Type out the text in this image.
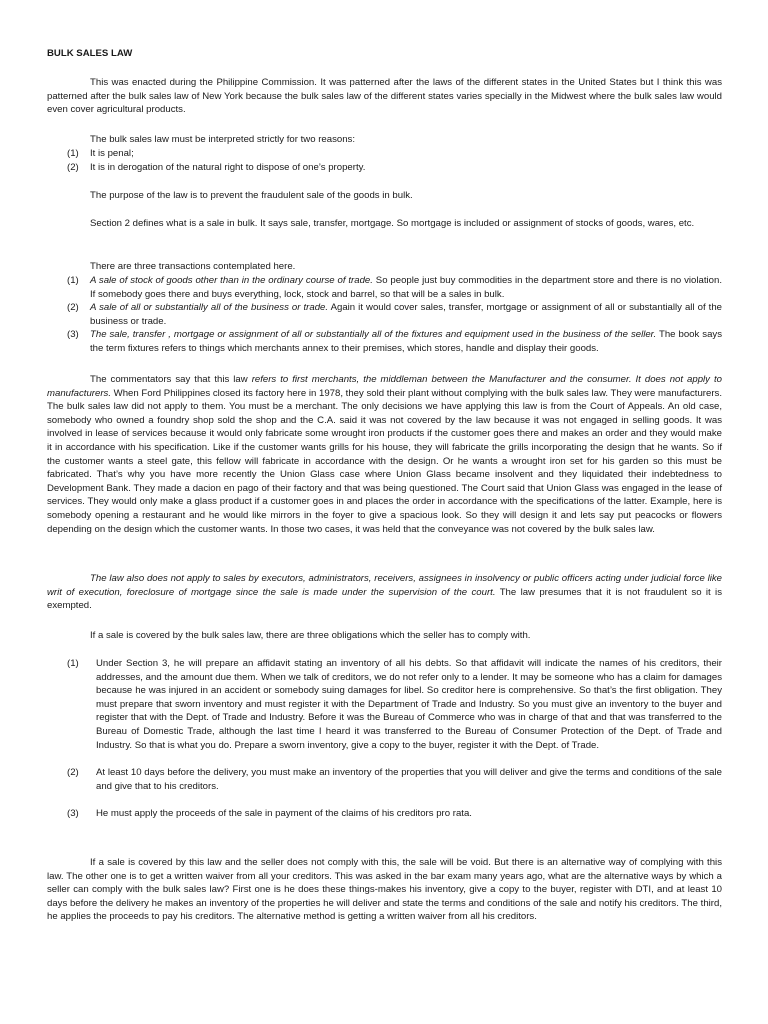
BULK SALES LAW
This was enacted during the Philippine Commission. It was patterned after the laws of the different states in the United States but I think this was patterned after the bulk sales law of New York because the bulk sales law of the different states varies specially in the Midwest where the bulk sales law would even cover agricultural products.
The bulk sales law must be interpreted strictly for two reasons:
(1)	It is penal;
(2)	It is in derogation of the natural right to dispose of one’s property.
The purpose of the law is to prevent the fraudulent sale of the goods in bulk.
Section 2 defines what is a sale in bulk. It says sale, transfer, mortgage. So mortgage is included or assignment of stocks of goods, wares, etc.
There are three transactions contemplated here.
(1)	A sale of stock of goods other than in the ordinary course of trade. So people just buy commodities in the department store and there is no violation. If somebody goes there and buys everything, lock, stock and barrel, so that will be a sales in bulk.
(2)	A sale of all or substantially all of the business or trade. Again it would cover sales, transfer, mortgage or assignment of all or substantially all of the business or trade.
(3)	The sale, transfer , mortgage or assignment of all or substantially all of the fixtures and equipment used in the business of the seller. The book says the term fixtures refers to things which merchants annex to their premises, which stores, handle and display their goods.
The commentators say that this law refers to first merchants, the middleman between the Manufacturer and the consumer. It does not apply to manufacturers. When Ford Philippines closed its factory here in 1978, they sold their plant without complying with the bulk sales law. They were manufacturers. The bulk sales law did not apply to them. You must be a merchant. The only decisions we have applying this law is from the Court of Appeals. An old case, somebody who owned a foundry shop sold the shop and the C.A. said it was not covered by the law because it was not engaged in selling goods. It was involved in lease of services because it would only fabricate some wrought iron products if the customer goes there and makes an order and they would make it in accordance with his specification. Like if the customer wants grills for his house, they will fabricate the grills incorporating the design that he wants. So if the customer wants a steel gate, this fellow will fabricate in accordance with the design. Or he wants a wrought iron set for his garden so this must be fabricated. That’s why you have more recently the Union Glass case where Union Glass became insolvent and they liquidated their indebtedness to Development Bank. They made a dacion en pago of their factory and that was being questioned. The Court said that Union Glass was engaged in the lease of services. They would only make a glass product if a customer goes in and places the order in accordance with the specifications of the latter. Example, here is somebody opening a restaurant and he would like mirrors in the foyer to give a spacious look. So they will design it and lets say put peacocks or flowers depending on the design which the customer wants. In those two cases, it was held that the conveyance was not covered by the bulk sales law.
The law also does not apply to sales by executors, administrators, receivers, assignees in insolvency or public officers acting under judicial force like writ of execution, foreclosure of mortgage since the sale is made under the supervision of the court. The law presumes that it is not fraudulent so it is exempted.
If a sale is covered by the bulk sales law, there are three obligations which the seller has to comply with.
(1)	Under Section 3, he will prepare an affidavit stating an inventory of all his debts. So that affidavit will indicate the names of his creditors, their addresses, and the amount due them. When we talk of creditors, we do not refer only to a lender. It may be someone who has a claim for damages because he was injured in an accident or somebody suing damages for libel. So creditor here is comprehensive. So that’s the first obligation. They must prepare that sworn inventory and must register it with the Department of Trade and Industry. So you must give an inventory to the buyer and register that with the Dept. of Trade and Industry. Before it was the Bureau of Commerce who was in charge of that and that was transferred to the Bureau of Domestic Trade, although the last time I heard it was transferred to the Bureau of Consumer Protection of the Dept. of Trade and Industry. So that is what you do. Prepare a sworn inventory, give a copy to the buyer, register it with the Dept. of Trade.
(2)	At least 10 days before the delivery, you must make an inventory of the properties that you will deliver and give the terms and conditions of the sale and give that to his creditors.
(3)	He must apply the proceeds of the sale in payment of the claims of his creditors pro rata.
If a sale is covered by this law and the seller does not comply with this, the sale will be void. But there is an alternative way of complying with this law. The other one is to get a written waiver from all your creditors. This was asked in the bar exam many years ago, what are the alternative ways by which a seller can comply with the bulk sales law? First one is he does these things-makes his inventory, give a copy to the buyer, register with DTI, and at least 10 days before the delivery he makes an inventory of the properties he will deliver and state the terms and conditions of the sale and notify his creditors. The third, he applies the proceeds to pay his creditors. The alternative method is getting a written waiver from all his creditors.
